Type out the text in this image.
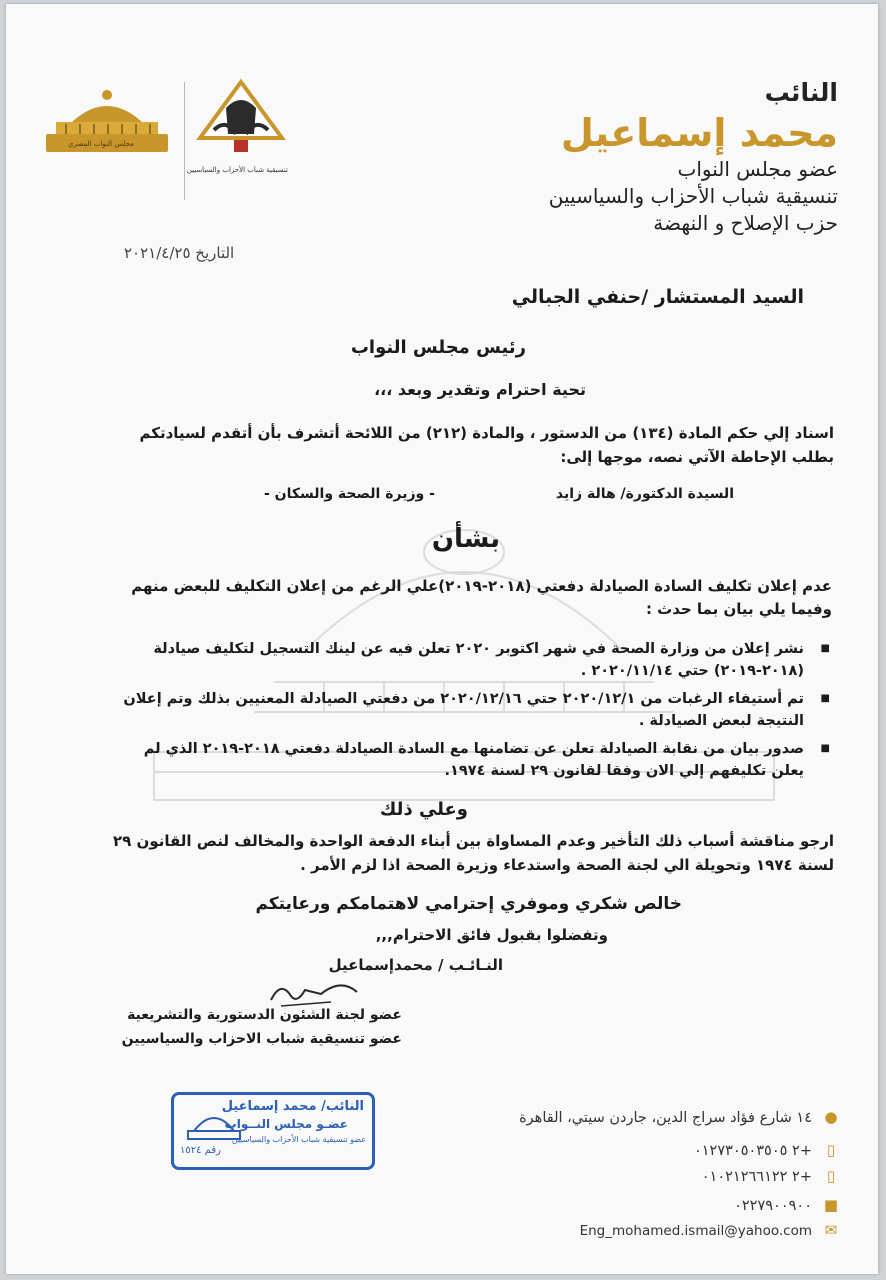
مجلس النواب المصري
تنسيقية شباب الأحزاب والسياسيين
النائب
محمد إسماعيل
عضو مجلس النواب
تنسيقية شباب الأحزاب والسياسيين
حزب الإصلاح و النهضة
التاريخ ٢٠٢١/٤/٢٥
السيد المستشار /حنفي الجبالي
رئيس مجلس النواب
تحية احترام وتقدير وبعد ،،،
اسناد إلي حكم المادة (١٣٤) من الدستور ، والمادة (٢١٢) من اللائحة أتشرف بأن أتقدم لسيادتكم بطلب الإحاطة الآتي نصه، موجها إلى:
السيدة الدكتورة/ هالة زايد
- وزيرة الصحة والسكان -
بشأن
عدم إعلان تكليف السادة الصيادلة دفعتي (٢٠١٨-٢٠١٩)علي الرغم من إعلان التكليف للبعض منهم وفيما يلي بيان بما حدث :
■ نشر إعلان من وزارة الصحة في شهر اكتوبر ٢٠٢٠ تعلن فيه عن لينك التسجيل لتكليف صيادلة (٢٠١٨-٢٠١٩) حتي ٢٠٢٠/١١/١٤ .
■ تم أستيفاء الرغبات من ٢٠٢٠/١٢/١ حتي ٢٠٢٠/١٢/١٦ من دفعتي الصيادلة المعنيين بذلك وتم إعلان النتيجة لبعض الصيادلة .
■ صدور بيان من نقابة الصيادلة تعلن عن تضامنها مع السادة الصيادلة دفعتي ٢٠١٨-٢٠١٩ الذي لم يعلن تكليفهم إلي الان وفقا لقانون ٢٩ لسنة ١٩٧٤.
وعلي ذلك
ارجو مناقشة أسباب ذلك التأخير وعدم المساواة بين أبناء الدفعة الواحدة والمخالف لنص القانون ٢٩ لسنة ١٩٧٤ وتحويلة الي لجنة الصحة واستدعاء وزيرة الصحة اذا لزم الأمر .
خالص شكري وموفري إحترامي لاهتمامكم ورعايتكم
وتفضلوا بقبول فائق الاحترام,,,
النـائـب / محمدإسماعيل
عضو لجنة الشئون الدستورية والتشريعية
عضو تنسيقية شباب الاحزاب والسياسيين
النائب/ محمد إسماعيل
عضـو مجلس النــواب
عضو تنسيقية شباب الأحزاب والسياسيين
رقم ١٥٢٤
●١٤ شارع فؤاد سراج الدين، جاردن سيتي، القاهرة
▯+٢ ٠١٢٧٣٠٥٠٣٥٠٥
▯+٢ ٠١٠٢١٢٦٦١٢٢
■٠٢٢٧٩٠٠٩٠٠
✉Eng_mohamed.ismail@yahoo.com
